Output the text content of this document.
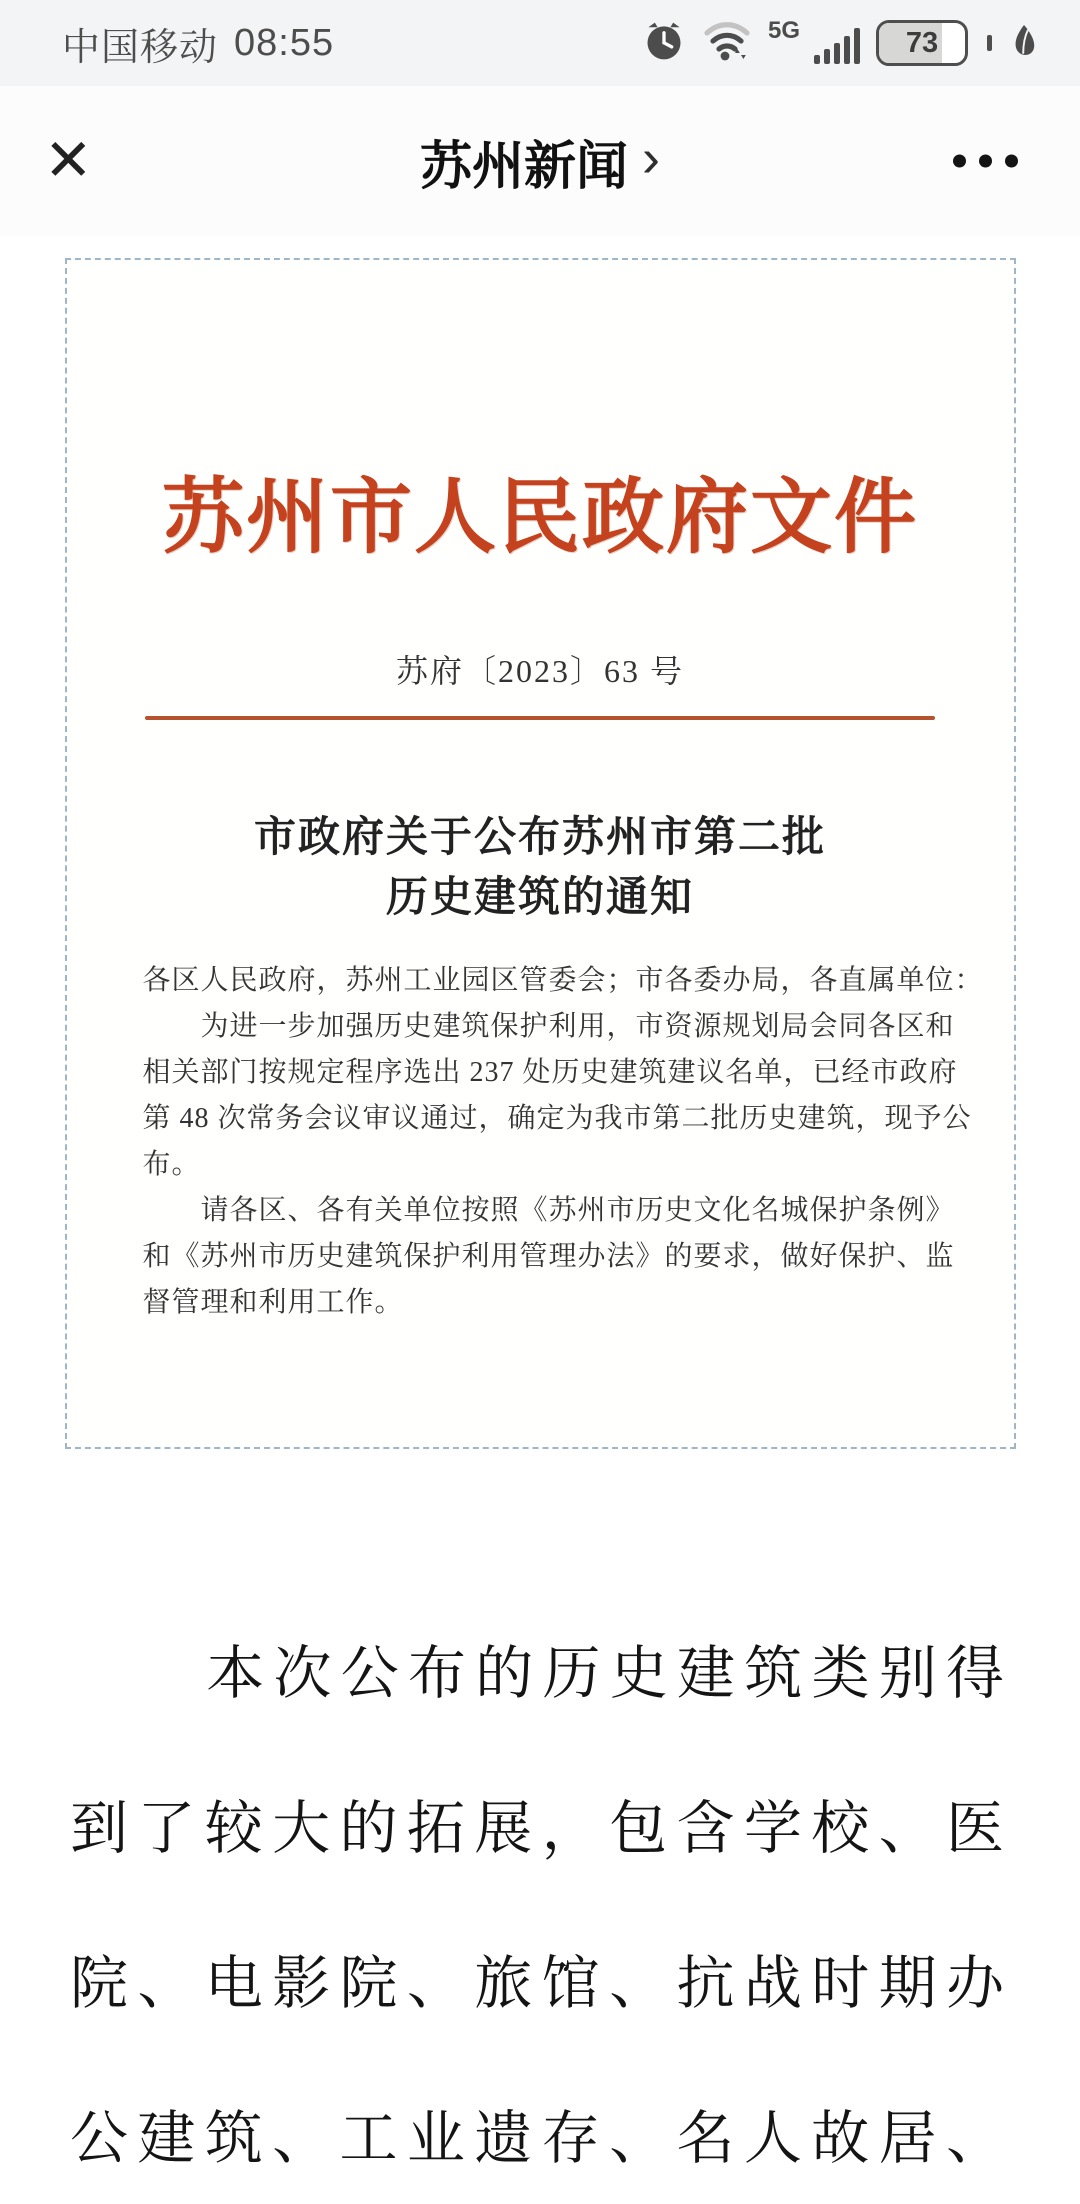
中国移动 08:55	5G	73
✕	苏州新闻 ›
苏州市人民政府文件
苏府〔2023〕63 号
市政府关于公布苏州市第二批
历史建筑的通知
各区人民政府，苏州工业园区管委会；市各委办局，各直属单位：
　　为进一步加强历史建筑保护利用，市资源规划局会同各区和
相关部门按规定程序选出 237 处历史建筑建议名单，已经市政府
第 48 次常务会议审议通过，确定为我市第二批历史建筑，现予公
布。
　　请各区、各有关单位按照《苏州市历史文化名城保护条例》
和《苏州市历史建筑保护利用管理办法》的要求，做好保护、监
督管理和利用工作。
本次公布的历史建筑类别得
到了较大的拓展，包含学校、医
院、电影院、旅馆、抗战时期办
公建筑、工业遗存、名人故居、
